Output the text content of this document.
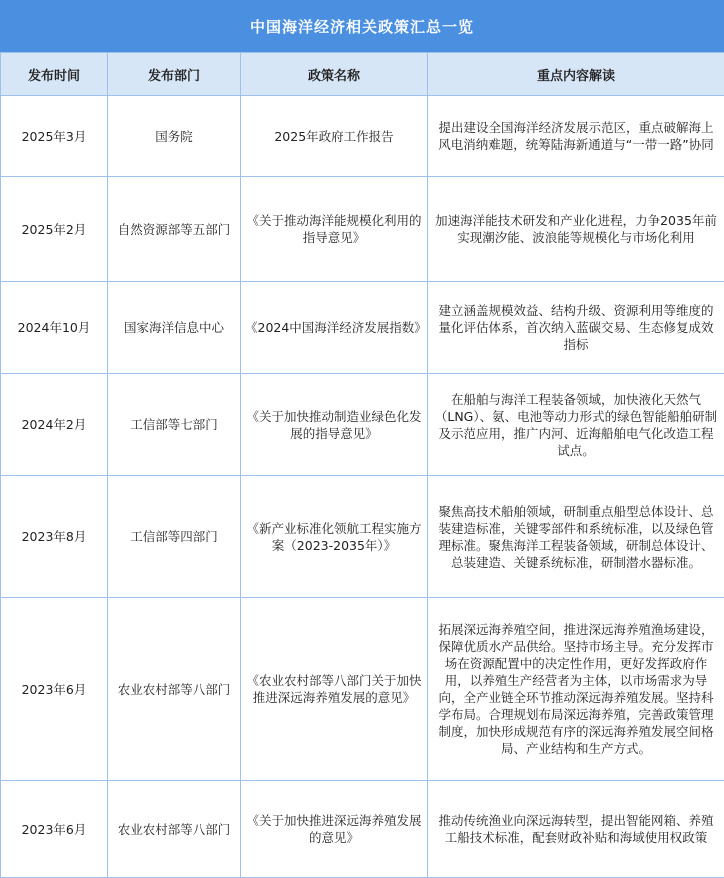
中国海洋经济相关政策汇总一览
发布时间	发布部门	政策名称	重点内容解读
2025年3月	国务院	2025年政府工作报告	提出建设全国海洋经济发展示范区，重点破解海上风电消纳难题，统筹陆海新通道与“一带一路”协同
2025年2月	自然资源部等五部门	《关于推动海洋能规模化利用的指导意见》	加速海洋能技术研发和产业化进程，力争2035年前实现潮汐能、波浪能等规模化与市场化利用
2024年10月	国家海洋信息中心	《2024中国海洋经济发展指数》	建立涵盖规模效益、结构升级、资源利用等维度的量化评估体系，首次纳入蓝碳交易、生态修复成效指标
2024年2月	工信部等七部门	《关于加快推动制造业绿色化发展的指导意见》	在船舶与海洋工程装备领域，加快液化天然气（LNG）、氨、电池等动力形式的绿色智能船舶研制及示范应用，推广内河、近海船舶电气化改造工程试点。
2023年8月	工信部等四部门	《新产业标准化领航工程实施方案（2023-2035年）》	聚焦高技术船舶领域，研制重点船型总体设计、总装建造标准，关键零部件和系统标准，以及绿色管理标准。聚焦海洋工程装备领域，研制总体设计、总装建造、关键系统标准，研制潜水器标准。
2023年6月	农业农村部等八部门	《农业农村部等八部门关于加快推进深远海养殖发展的意见》	拓展深远海养殖空间，推进深远海养殖渔场建设，保障优质水产品供给。坚持市场主导。充分发挥市场在资源配置中的决定性作用，更好发挥政府作用，以养殖生产经营者为主体，以市场需求为导向，全产业链全环节推动深远海养殖发展。坚持科学布局。合理规划布局深远海养殖，完善政策管理制度，加快形成规范有序的深远海养殖发展空间格局、产业结构和生产方式。
2023年6月	农业农村部等八部门	《关于加快推进深远海养殖发展的意见》	推动传统渔业向深远海转型，提出智能网箱、养殖工船技术标准，配套财政补贴和海域使用权政策
